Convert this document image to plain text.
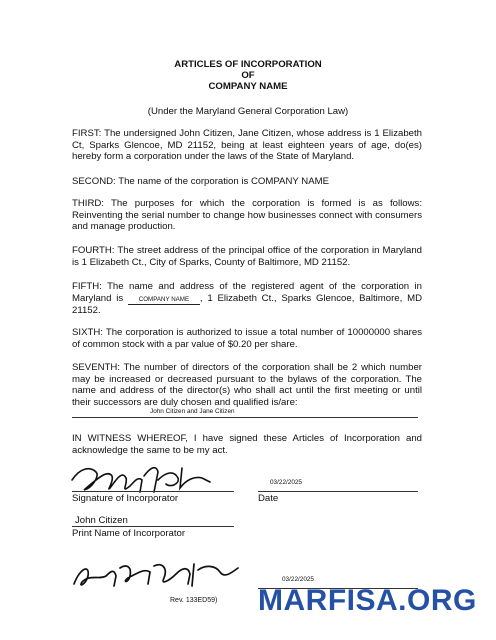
ARTICLES OF INCORPORATION
OF
COMPANY NAME
(Under the Maryland General Corporation Law)
FIRST: The undersigned John Citizen, Jane Citizen, whose address is 1 Elizabeth Ct, Sparks Glencoe, MD 21152, being at least eighteen years of age, do(es) hereby form a corporation under the laws of the State of Maryland.
SECOND: The name of the corporation is COMPANY NAME
THIRD: The purposes for which the corporation is formed is as follows: Reinventing the serial number to change how businesses connect with consumers and manage production.
FOURTH: The street address of the principal office of the corporation in Maryland is 1 Elizabeth Ct., City of Sparks, County of Baltimore, MD 21152.
FIFTH: The name and address of the registered agent of the corporation in Maryland is	COMPANY NAME , 1 Elizabeth Ct., Sparks Glencoe, Baltimore, MD 21152.
SIXTH: The corporation is authorized to issue a total number of 10000000 shares of common stock with a par value of $0.20 per share.
SEVENTH: The number of directors of the corporation shall be 2 which number may be increased or decreased pursuant to the bylaws of the corporation. The name and address of the director(s) who shall act until the first meeting or until their successors are duly chosen and qualified is/are:
John Citizen and Jane Citizen
IN WITNESS WHEREOF, I have signed these Articles of Incorporation and acknowledge the same to be my act.
03/22/2025
Signature of Incorporator	Date
John Citizen
Print Name of Incorporator
03/22/2025
Rev. 133ED59) MARFISA.ORG
